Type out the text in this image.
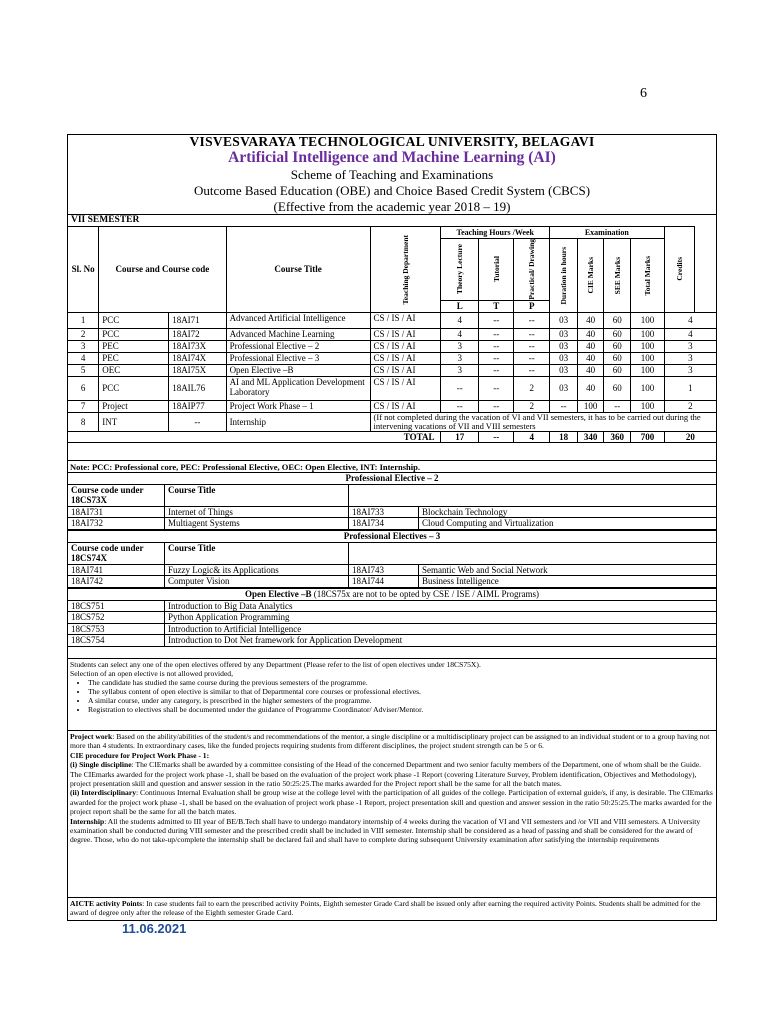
6
VISVESVARAYA TECHNOLOGICAL UNIVERSITY, BELAGAVI
Artificial Intelligence and Machine Learning (AI)
Scheme of Teaching and Examinations
Outcome Based Education (OBE) and Choice Based Credit System (CBCS)
(Effective from the academic year 2018 – 19)
VII SEMESTER
Sl. No	Course and Course code		Course Title	Teaching Department	Teaching Hours /Week			Examination				Credits

					Theory Lecture	Tutorial	Practical/ Drawing	Duration in hours	CIE Marks	SEE Marks	Total Marks	

					L	T	P					
1	PCC	18AI71	Advanced Artificial Intelligence	CS / IS / AI	4	--	--	03	40	60	100	4
2	PCC	18AI72	Advanced Machine Learning	CS / IS / AI	4	--	--	03	40	60	100	4
3	PEC	18AI73X	Professional Elective – 2	CS / IS / AI	3	--	--	03	40	60	100	3
4	PEC	18AI74X	Professional Elective – 3	CS / IS / AI	3	--	--	03	40	60	100	3
5	OEC	18AI75X	Open Elective –B	CS / IS / AI	3	--	--	03	40	60	100	3
6	PCC	18AIL76	AI and ML Application Development Laboratory	CS / IS / AI	--	--	2	03	40	60	100	1
7	Project	18AIP77	Project Work Phase – 1	CS / IS / AI	--	--	2	--	100	--	100	2
8	INT	--	Internship	(If not completed during the vacation of VI and VII semesters, it has to be carried out during the intervening vacations of VII and VIII semesters								
TOTAL					17	--	4	18	340	360	700	20
Note: PCC: Professional core, PEC: Professional Elective, OEC: Open Elective, INT: Internship.
Professional Elective – 2			
Course code under 18CS73X	Course Title		
18AI731	Internet of Things	18AI733	Blockchain Technology
18AI732	Multiagent Systems	18AI734	Cloud Computing and Virtualization
Professional Electives – 3			
Course code under 18CS74X	Course Title		
18AI741	Fuzzy Logic& its Applications	18AI743	Semantic Web and Social Network
18AI742	Computer Vision	18AI744	Business Intelligence
Open Elective –B (18CS75x are not to be opted by CSE / ISE / AIML Programs)	
18CS751	Introduction to Big Data Analytics
18CS752	Python Application Programming
18CS753	Introduction to Artificial Intelligence
18CS754	Introduction to Dot Net framework for Application Development

Students can select any one of the open electives offered by any Department (Please refer to the list of open electives under 18CS75X).

Selection of an open elective is not allowed provided,

• The candidate has studied the same course during the previous semesters of the programme.
• The syllabus content of open elective is similar to that of Departmental core courses or professional electives.
• A similar course, under any category, is prescribed in the higher semesters of the programme.
• Registration to electives shall be documented under the guidance of Programme Coordinator/ Adviser/Mentor.

Project work: Based on the ability/abilities of the student/s and recommendations of the mentor, a single discipline or a multidisciplinary project can be assigned to an individual student or to a group having not more than 4 students. In extraordinary cases, like the funded projects requiring students from different disciplines, the project student strength can be 5 or 6.

CIE procedure for Project Work Phase - 1:

(i) Single discipline: The CIEmarks shall be awarded by a committee consisting of the Head of the concerned Department and two senior faculty members of the Department, one of whom shall be the Guide. The CIEmarks awarded for the project work phase -1, shall be based on the evaluation of the project work phase -1 Report (covering Literature Survey, Problem identification, Objectives and Methodology), project presentation skill and question and answer session in the ratio 50:25:25.The marks awarded for the Project report shall be the same for all the batch mates.

(ii) Interdisciplinary: Continuous Internal Evaluation shall be group wise at the college level with the participation of all guides of the college. Participation of external guide/s, if any, is desirable. The CIEmarks awarded for the project work phase -1, shall be based on the evaluation of project work phase -1 Report, project presentation skill and question and answer session in the ratio 50:25:25.The marks awarded for the project report shall be the same for all the batch mates.

Internship: All the students admitted to III year of BE/B.Tech shall have to undergo mandatory internship of 4 weeks during the vacation of VI and VII semesters and /or VII and VIII semesters. A University examination shall be conducted during VIII semester and the prescribed credit shall be included in VIII semester. Internship shall be considered as a head of passing and shall be considered for the award of degree. Those, who do not take-up/complete the internship shall be declared fail and shall have to complete during subsequent University examination after satisfying the internship requirements

AICTE activity Points: In case students fail to earn the prescribed activity Points, Eighth semester Grade Card shall be issued only after earning the required activity Points. Students shall be admitted for the award of degree only after the release of the Eighth semester Grade Card.

11.06.2021
